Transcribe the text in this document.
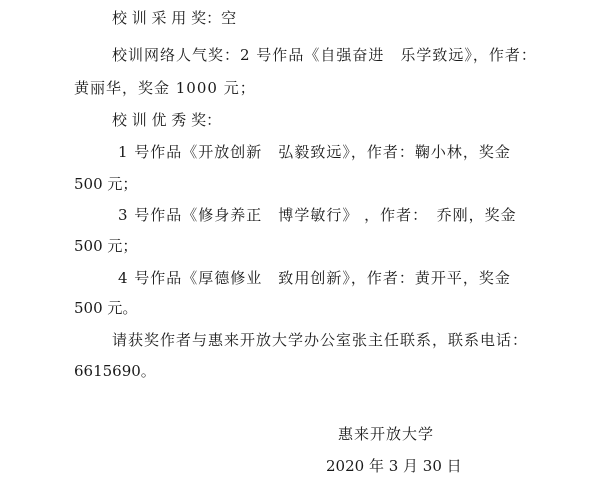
校 训 采 用 奖：空
校训网络人气奖：2 号作品《自强奋进　乐学致远》，作者：
黄丽华，奖金 1000 元；
校 训 优 秀 奖：
1 号作品《开放创新　弘毅致远》，作者：鞠小林，奖金
500 元；
3 号作品《修身养正　博学敏行》 ，作者：　乔刚，奖金
500 元；
4 号作品《厚德修业　致用创新》，作者：黄开平，奖金
500 元。
请获奖作者与惠来开放大学办公室张主任联系，联系电话：
6615690。
惠来开放大学
2020 年 3 月 30 日
